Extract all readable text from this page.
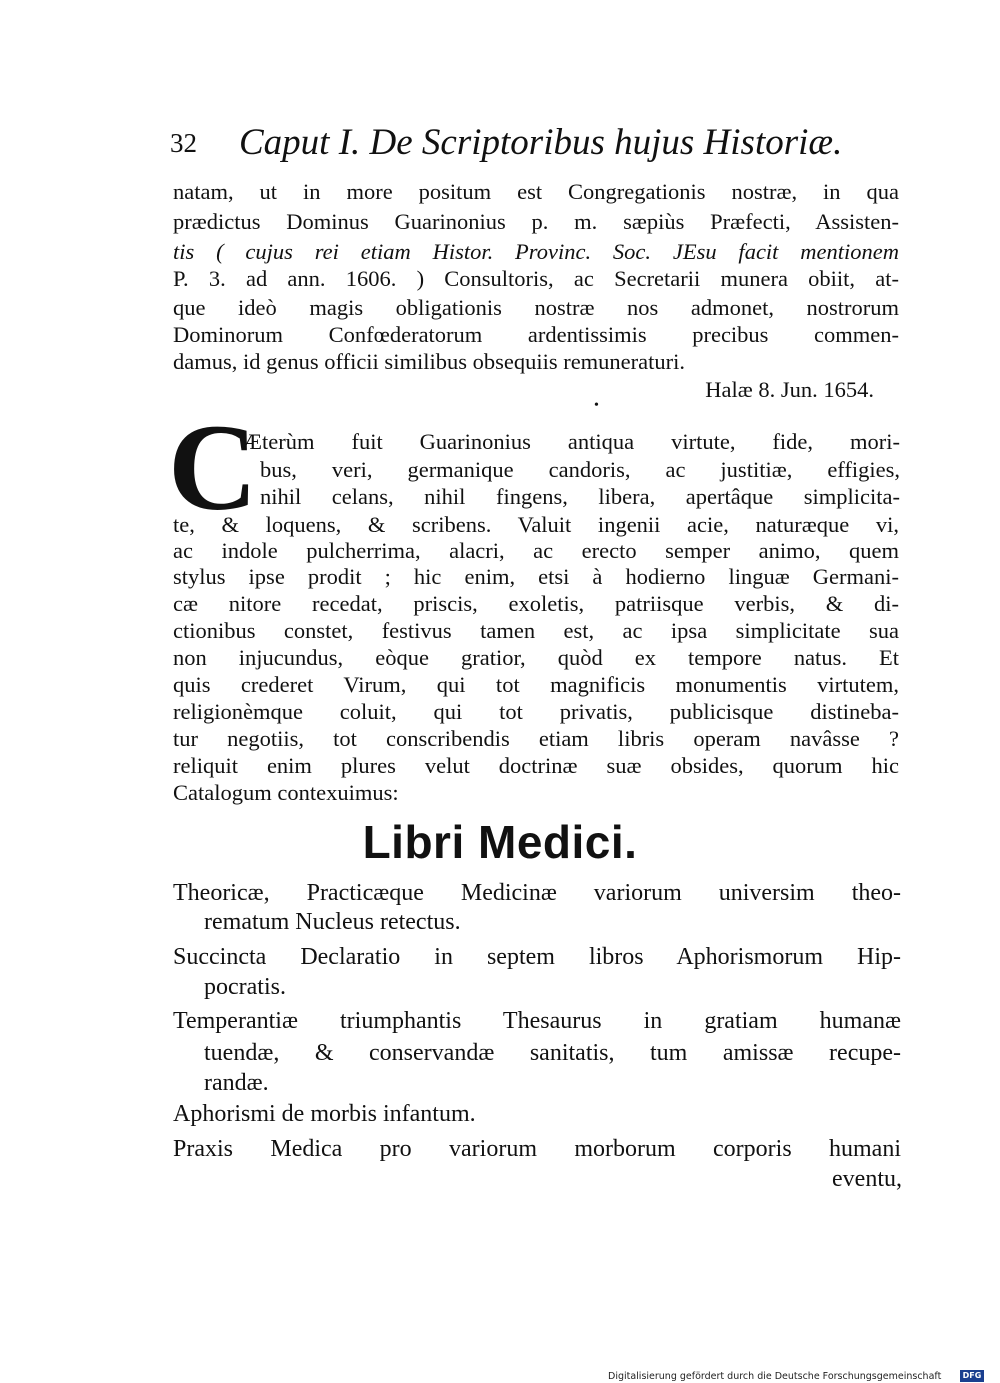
32 Caput I. De Scriptoribus hujus Historiæ.
natam, ut in more positum est Congregationis nostræ, in qua
prædictus Dominus Guarinonius p. m. sæpiùs Præfecti, Assisten-
tis ( cujus rei etiam Histor. Provinc. Soc. JEsu facit mentionem
P. 3. ad ann. 1606. ) Consultoris, ac Secretarii munera obiit, at-
que ideò magis obligationis nostræ nos admonet, nostrorum
Dominorum Confœderatorum ardentissimis precibus commen-
damus, id genus officii similibus obsequiis remuneraturi.
Halæ 8. Jun. 1654.
•
C
Æterùm fuit Guarinonius antiqua virtute, fide, mori-
bus, veri, germanique candoris, ac justitiæ, effigies,
nihil celans, nihil fingens, libera, apertâque simplicita-
te, & loquens, & scribens. Valuit ingenii acie, naturæque vi,
ac indole pulcherrima, alacri, ac erecto semper animo, quem
stylus ipse prodit ; hic enim, etsi à hodierno linguæ Germani-
cæ nitore recedat, priscis, exoletis, patriisque verbis, & di-
ctionibus constet, festivus tamen est, ac ipsa simplicitate sua
non injucundus, eòque gratior, quòd ex tempore natus. Et
quis crederet Virum, qui tot magnificis monumentis virtutem,
religionèmque coluit, qui tot privatis, publicisque distineba-
tur negotiis, tot conscribendis etiam libris operam navâsse ?
reliquit enim plures velut doctrinæ suæ obsides, quorum hic
Catalogum contexuimus:
Libri Medici.
Theoricæ, Practicæque Medicinæ variorum universim theo-
rematum Nucleus retectus.
Succincta Declaratio in septem libros Aphorismorum Hip-
pocratis.
Temperantiæ triumphantis Thesaurus in gratiam humanæ
tuendæ, & conservandæ sanitatis, tum amissæ recupe-
randæ.
Aphorismi de morbis infantum.
Praxis Medica pro variorum morborum corporis humani
eventu,
Digitalisierung gefördert durch die Deutsche Forschungsgemeinschaft	DFG
